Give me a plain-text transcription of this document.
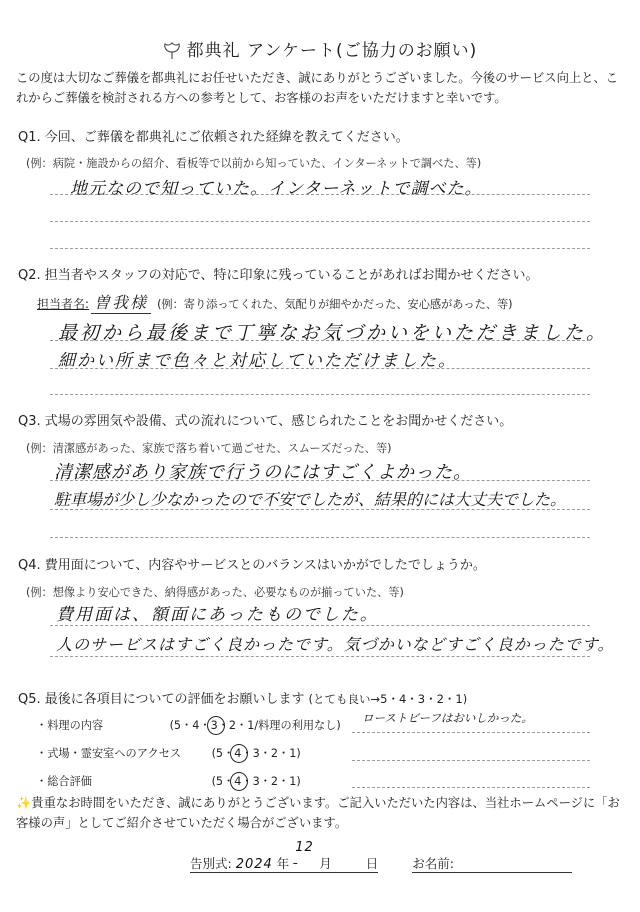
都典礼 アンケート(ご協力のお願い)
この度は大切なご葬儀を都典礼にお任せいただき、誠にありがとうございました。今後のサービス向上と、これからご葬儀を検討される方への参考として、お客様のお声をいただけますと幸いです。
Q1. 今回、ご葬儀を都典礼にご依頼された経緯を教えてください。
(例：病院・施設からの紹介、看板等で以前から知っていた、インターネットで調べた、等)
地元なので知っていた。インターネットで調べた。
Q2. 担当者やスタッフの対応で、特に印象に残っていることがあればお聞かせください。
担当者名: 曽我様 (例：寄り添ってくれた、気配りが細やかだった、安心感があった、等)
最初から最後まで丁寧なお気づかいをいただきました。
細かい所まで色々と対応していただけました。
Q3. 式場の雰囲気や設備、式の流れについて、感じられたことをお聞かせください。
(例：清潔感があった、家族で落ち着いて過ごせた、スムーズだった、等)
清潔感があり家族で行うのにはすごくよかった。
駐車場が少し少なかったので不安でしたが、結果的には大丈夫でした。
Q4. 費用面について、内容やサービスとのバランスはいかがでしたでしょうか。
(例：想像より安心できた、納得感があった、必要なものが揃っていた、等)
費用面は、額面にあったものでした。
人のサービスはすごく良かったです。気づかいなどすごく良かったです。
Q5. 最後に各項目についての評価をお願いします (とても良い→5・4・3・2・1)
・料理の内容	(5・4・3・2・1/料理の利用なし)
ローストビーフはおいしかった。
・式場・霊安室へのアクセス	(5・4・3・2・1)
・総合評価	(5・4・3・2・1)
✨貴重なお時間をいただき、誠にありがとうございます。ご記入いただいた内容は、当社ホームページに「お客様の声」としてご紹介させていただく場合がございます。
告別式: 2024 年
12
月	日	お名前:
